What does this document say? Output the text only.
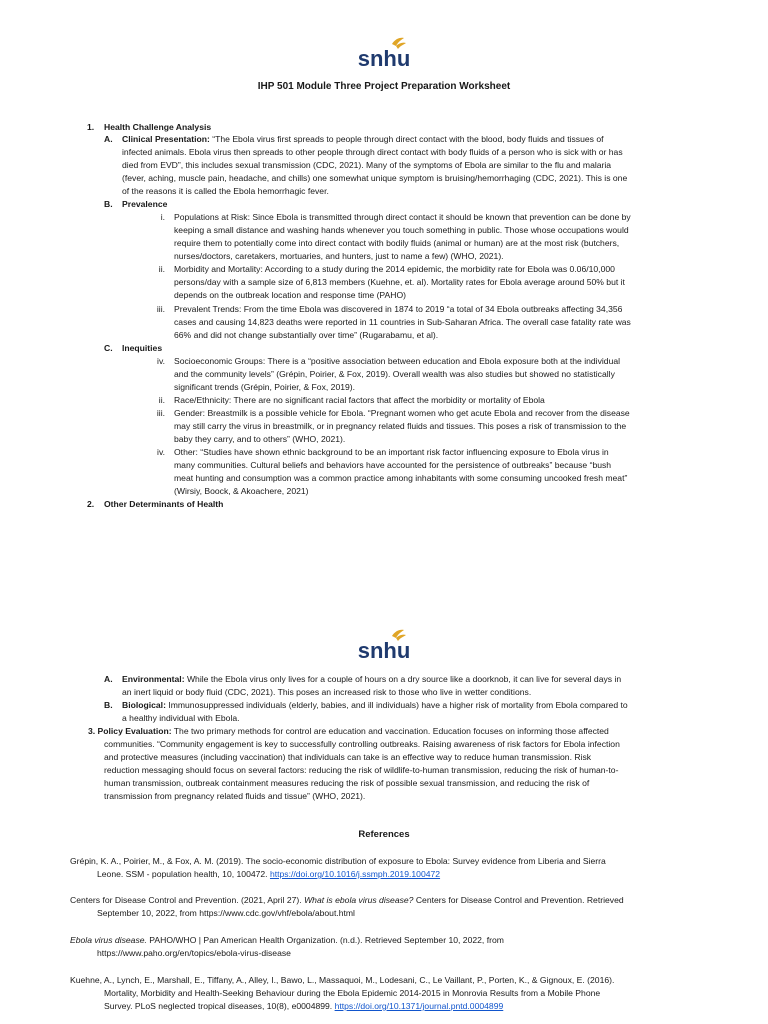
snhu
IHP 501 Module Three Project Preparation Worksheet
1. Health Challenge Analysis
A. Clinical Presentation: “The Ebola virus first spreads to people through direct contact with the blood, body fluids and tissues of
infected animals. Ebola virus then spreads to other people through direct contact with body fluids of a person who is sick with or has
died from EVD”, this includes sexual transmission (CDC, 2021). Many of the symptoms of Ebola are similar to the flu and malaria
(fever, aching, muscle pain, headache, and chills) one somewhat unique symptom is bruising/hemorrhaging (CDC, 2021). This is one
of the reasons it is called the Ebola hemorrhagic fever.
B. Prevalence
i. Populations at Risk: Since Ebola is transmitted through direct contact it should be known that prevention can be done by
keeping a small distance and washing hands whenever you touch something in public. Those whose occupations would
require them to potentially come into direct contact with bodily fluids (animal or human) are at the most risk (butchers,
nurses/doctors, caretakers, mortuaries, and hunters, just to name a few) (WHO, 2021).
ii. Morbidity and Mortality: According to a study during the 2014 epidemic, the morbidity rate for Ebola was 0.06/10,000
persons/day with a sample size of 6,813 members (Kuehne, et. al). Mortality rates for Ebola average around 50% but it
depends on the outbreak location and response time (PAHO)
iii. Prevalent Trends: From the time Ebola was discovered in 1874 to 2019 “a total of 34 Ebola outbreaks affecting 34,356
cases and causing 14,823 deaths were reported in 11 countries in Sub-Saharan Africa. The overall case fatality rate was
66% and did not change substantially over time” (Rugarabamu, et al).
C. Inequities
iv. Socioeconomic Groups: There is a “positive association between education and Ebola exposure both at the individual
and the community levels” (Grépin, Poirier, & Fox, 2019). Overall wealth was also studies but showed no statistically
significant trends (Grépin, Poirier, & Fox, 2019).
ii. Race/Ethnicity: There are no significant racial factors that affect the morbidity or mortality of Ebola
iii. Gender: Breastmilk is a possible vehicle for Ebola. “Pregnant women who get acute Ebola and recover from the disease
may still carry the virus in breastmilk, or in pregnancy related fluids and tissues. This poses a risk of transmission to the
baby they carry, and to others” (WHO, 2021).
iv. Other: “Studies have shown ethnic background to be an important risk factor influencing exposure to Ebola virus in
many communities. Cultural beliefs and behaviors have accounted for the persistence of outbreaks” because “bush
meat hunting and consumption was a common practice among inhabitants with some consuming uncooked fresh meat”
(Wirsiy, Boock, & Akoachere, 2021)
2. Other Determinants of Health
snhu
A. Environmental: While the Ebola virus only lives for a couple of hours on a dry source like a doorknob, it can live for several days in
an inert liquid or body fluid (CDC, 2021). This poses an increased risk to those who live in wetter conditions.
B. Biological: Immunosuppressed individuals (elderly, babies, and ill individuals) have a higher risk of mortality from Ebola compared to
a healthy individual with Ebola.
3. Policy Evaluation: The two primary methods for control are education and vaccination. Education focuses on informing those affected
communities. “Community engagement is key to successfully controlling outbreaks. Raising awareness of risk factors for Ebola infection
and protective measures (including vaccination) that individuals can take is an effective way to reduce human transmission. Risk
reduction messaging should focus on several factors: reducing the risk of wildlife-to-human transmission, reducing the risk of human-to-
human transmission, outbreak containment measures reducing the risk of possible sexual transmission, and reducing the risk of
transmission from pregnancy related fluids and tissue” (WHO, 2021).
References
Grépin, K. A., Poirier, M., & Fox, A. M. (2019). The socio-economic distribution of exposure to Ebola: Survey evidence from Liberia and Sierra
Leone. SSM - population health, 10, 100472. https://doi.org/10.1016/j.ssmph.2019.100472
Centers for Disease Control and Prevention. (2021, April 27). What is ebola virus disease? Centers for Disease Control and Prevention. Retrieved
September 10, 2022, from https://www.cdc.gov/vhf/ebola/about.html
Ebola virus disease. PAHO/WHO | Pan American Health Organization. (n.d.). Retrieved September 10, 2022, from
https://www.paho.org/en/topics/ebola-virus-disease
Kuehne, A., Lynch, E., Marshall, E., Tiffany, A., Alley, I., Bawo, L., Massaquoi, M., Lodesani, C., Le Vaillant, P., Porten, K., & Gignoux, E. (2016).
Mortality, Morbidity and Health-Seeking Behaviour during the Ebola Epidemic 2014-2015 in Monrovia Results from a Mobile Phone
Survey. PLoS neglected tropical diseases, 10(8), e0004899. https://doi.org/10.1371/journal.pntd.0004899
